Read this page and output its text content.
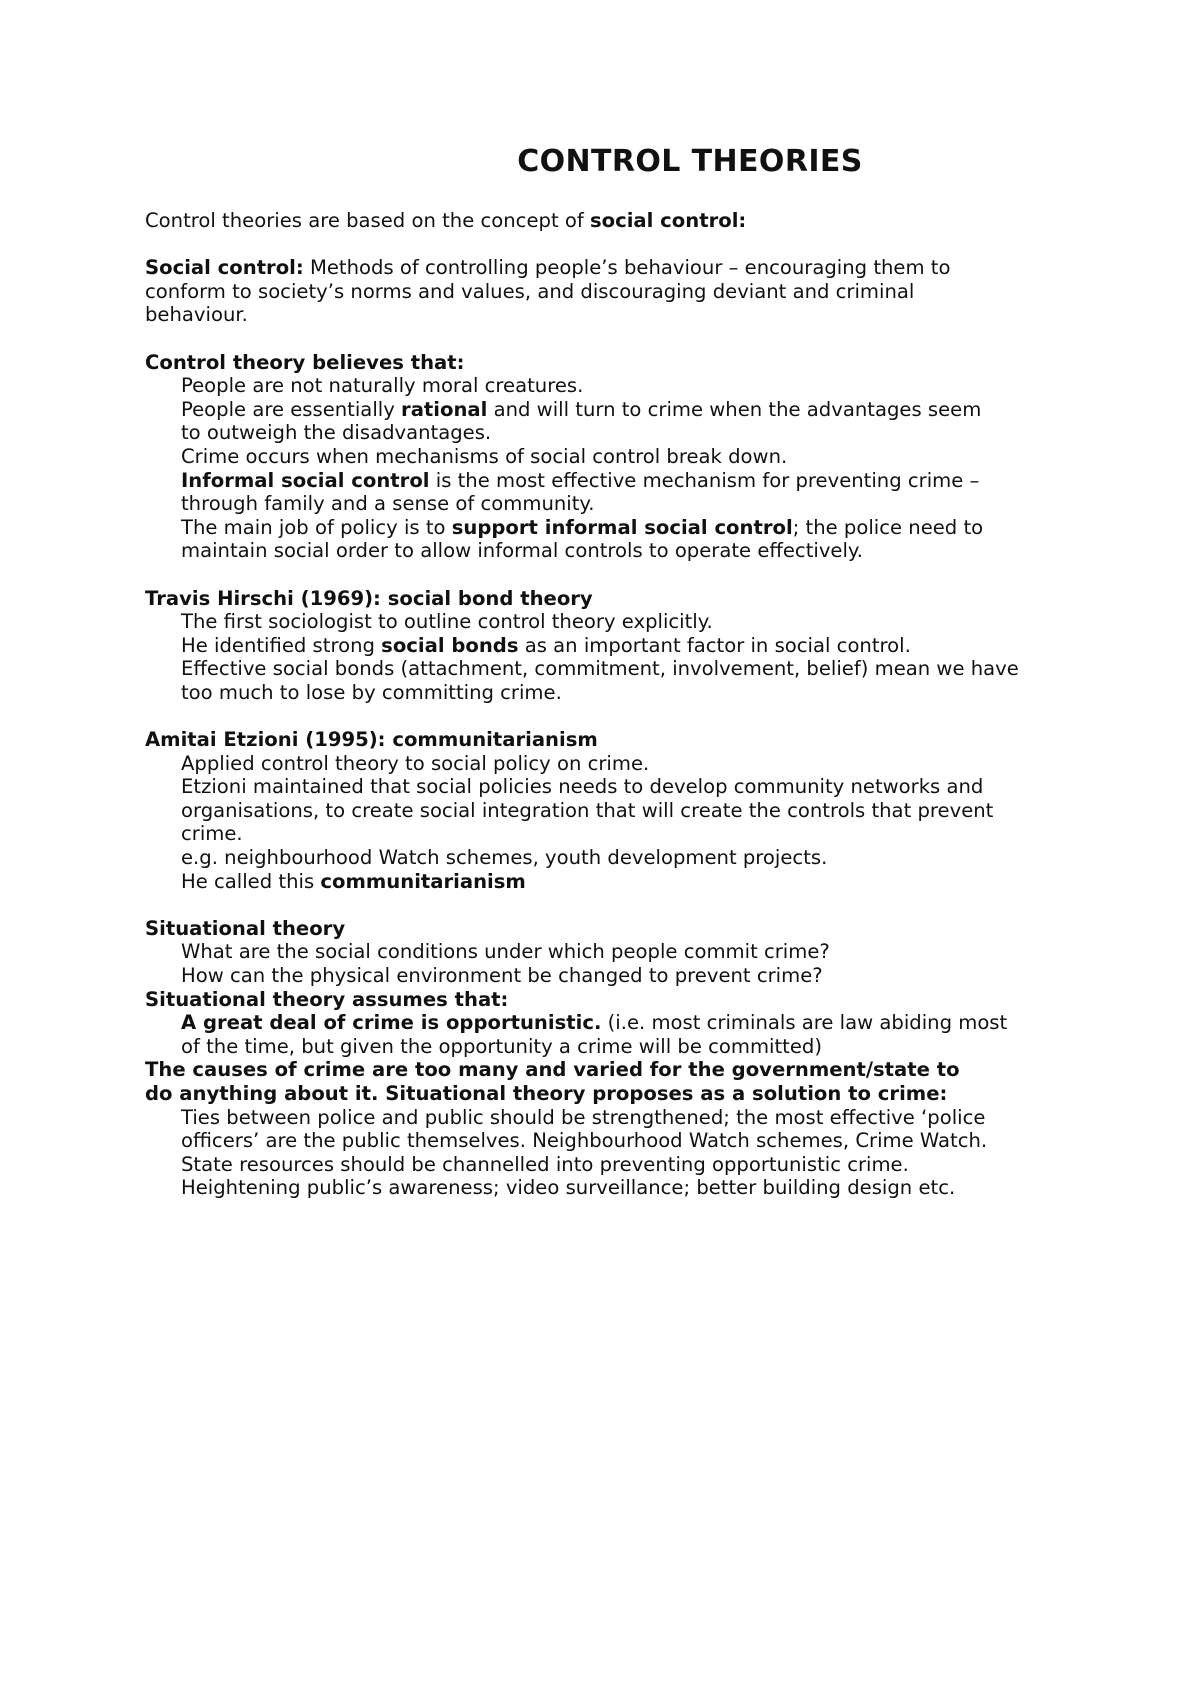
CONTROL THEORIES

Control theories are based on the concept of social control:

Social control: Methods of controlling people’s behaviour – encouraging them to

conform to society’s norms and values, and discouraging deviant and criminal

behaviour.

Control theory believes that:

People are not naturally moral creatures.

People are essentially rational and will turn to crime when the advantages seem

to outweigh the disadvantages.

Crime occurs when mechanisms of social control break down.

Informal social control is the most effective mechanism for preventing crime –

through family and a sense of community.

The main job of policy is to support informal social control; the police need to

maintain social order to allow informal controls to operate effectively.

Travis Hirschi (1969): social bond theory

The first sociologist to outline control theory explicitly.

He identified strong social bonds as an important factor in social control.

Effective social bonds (attachment, commitment, involvement, belief) mean we have

too much to lose by committing crime.

Amitai Etzioni (1995): communitarianism

Applied control theory to social policy on crime.

Etzioni maintained that social policies needs to develop community networks and

organisations, to create social integration that will create the controls that prevent

crime.

e.g. neighbourhood Watch schemes, youth development projects.

He called this communitarianism

Situational theory

What are the social conditions under which people commit crime?

How can the physical environment be changed to prevent crime?

Situational theory assumes that:

A great deal of crime is opportunistic. (i.e. most criminals are law abiding most

of the time, but given the opportunity a crime will be committed)

The causes of crime are too many and varied for the government/state to

do anything about it. Situational theory proposes as a solution to crime:

Ties between police and public should be strengthened; the most effective ‘police

officers’ are the public themselves. Neighbourhood Watch schemes, Crime Watch.

State resources should be channelled into preventing opportunistic crime.

Heightening public’s awareness; video surveillance; better building design etc.
